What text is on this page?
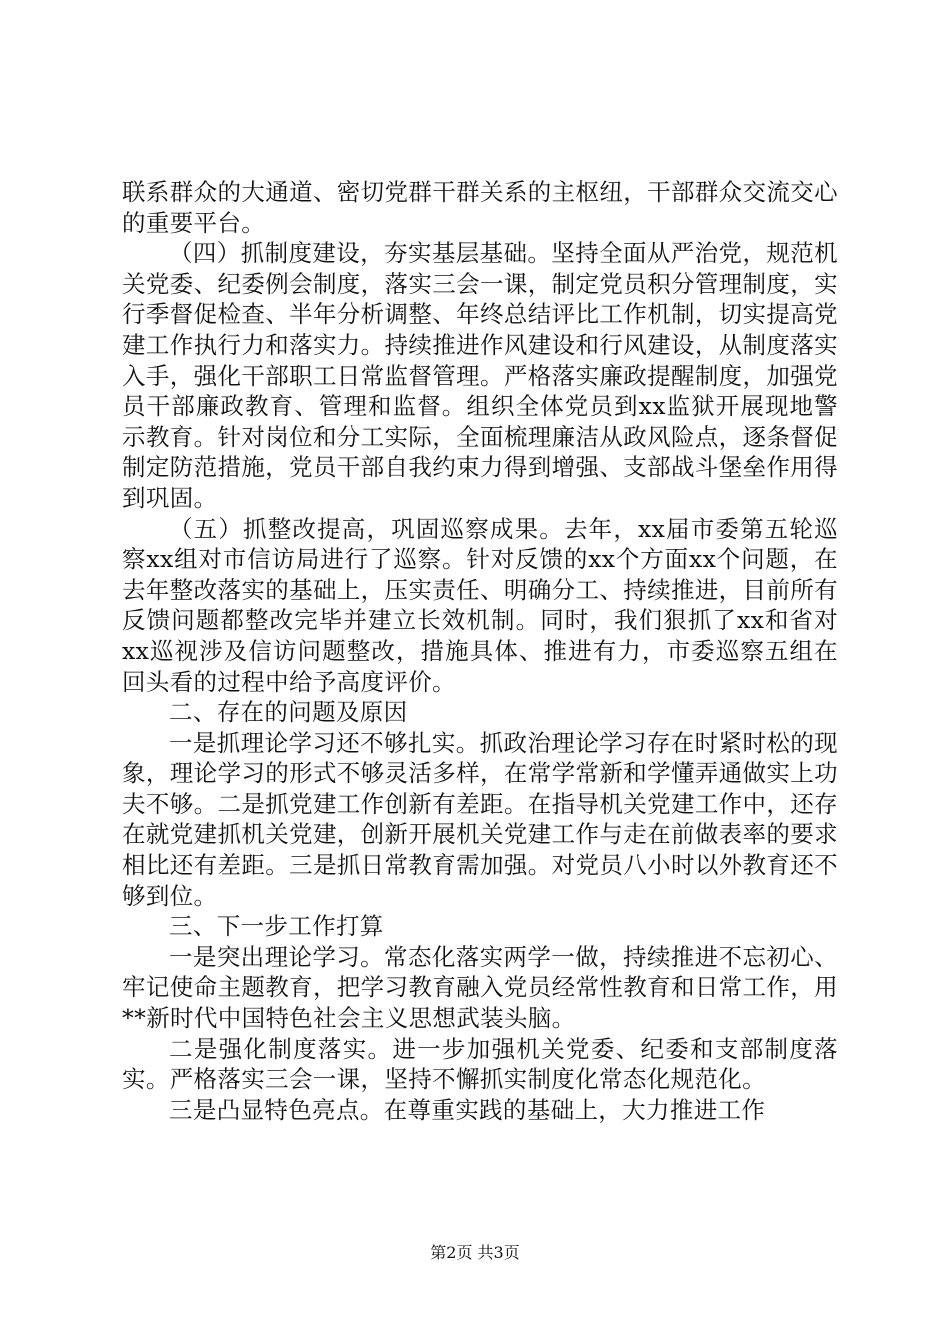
联系群众的大通道、密切党群干群关系的主枢纽，干部群众交流交心的重要平台。

（四）抓制度建设，夯实基层基础。坚持全面从严治党，规范机关党委、纪委例会制度，落实三会一课，制定党员积分管理制度，实行季督促检查、半年分析调整、年终总结评比工作机制，切实提高党建工作执行力和落实力。持续推进作风建设和行风建设，从制度落实入手，强化干部职工日常监督管理。严格落实廉政提醒制度，加强党员干部廉政教育、管理和监督。组织全体党员到xx监狱开展现地警示教育。针对岗位和分工实际，全面梳理廉洁从政风险点，逐条督促制定防范措施，党员干部自我约束力得到增强、支部战斗堡垒作用得到巩固。

（五）抓整改提高，巩固巡察成果。去年，xx届市委第五轮巡察xx组对市信访局进行了巡察。针对反馈的xx个方面xx个问题，在去年整改落实的基础上，压实责任、明确分工、持续推进，目前所有反馈问题都整改完毕并建立长效机制。同时，我们狠抓了xx和省对xx巡视涉及信访问题整改，措施具体、推进有力，市委巡察五组在回头看的过程中给予高度评价。

二、存在的问题及原因

一是抓理论学习还不够扎实。抓政治理论学习存在时紧时松的现象，理论学习的形式不够灵活多样，在常学常新和学懂弄通做实上功夫不够。二是抓党建工作创新有差距。在指导机关党建工作中，还存在就党建抓机关党建，创新开展机关党建工作与走在前做表率的要求相比还有差距。三是抓日常教育需加强。对党员八小时以外教育还不够到位。

三、下一步工作打算

一是突出理论学习。常态化落实两学一做，持续推进不忘初心、牢记使命主题教育，把学习教育融入党员经常性教育和日常工作，用**新时代中国特色社会主义思想武装头脑。

二是强化制度落实。进一步加强机关党委、纪委和支部制度落实。严格落实三会一课，坚持不懈抓实制度化常态化规范化。

三是凸显特色亮点。在尊重实践的基础上，大力推进工作

第2页 共3页
